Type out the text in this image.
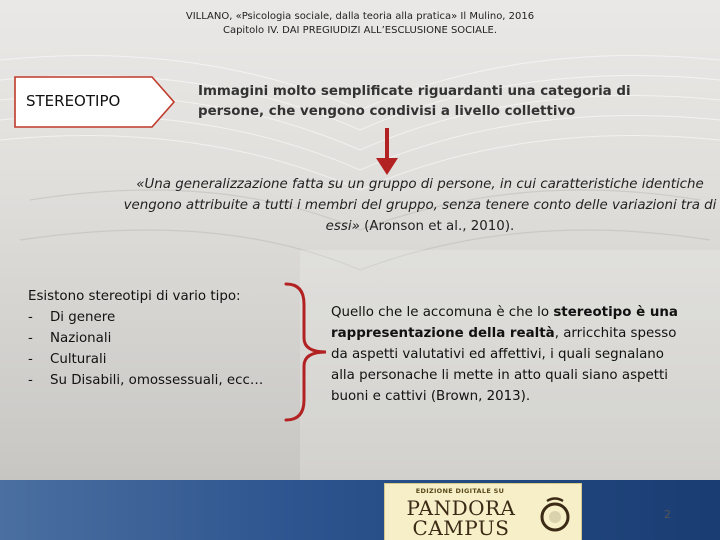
VILLANO, «Psicologia sociale, dalla teoria alla pratica» Il Mulino, 2016
Capitolo IV. DAI PREGIUDIZI ALL’ESCLUSIONE SOCIALE.
STEREOTIPO
Immagini molto semplificate riguardanti una categoria di persone, che vengono condivisi a livello collettivo
«Una generalizzazione fatta su un gruppo di persone, in cui caratteristiche identiche vengono attribuite a tutti i membri del gruppo, senza tenere conto delle variazioni tra di essi» (Aronson et al., 2010).
Esistono stereotipi di vario tipo:
- Di genere
- Nazionali
- Culturali
- Su Disabili, omossessuali, ecc…
Quello che le accomuna è che lo stereotipo è una rappresentazione della realtà, arricchita spesso da aspetti valutativi ed affettivi, i quali segnalano alla personache li mette in atto quali siano aspetti buoni e cattivi (Brown, 2013).
EDIZIONE DIGITALE SU
PANDORA
CAMPUS
2
